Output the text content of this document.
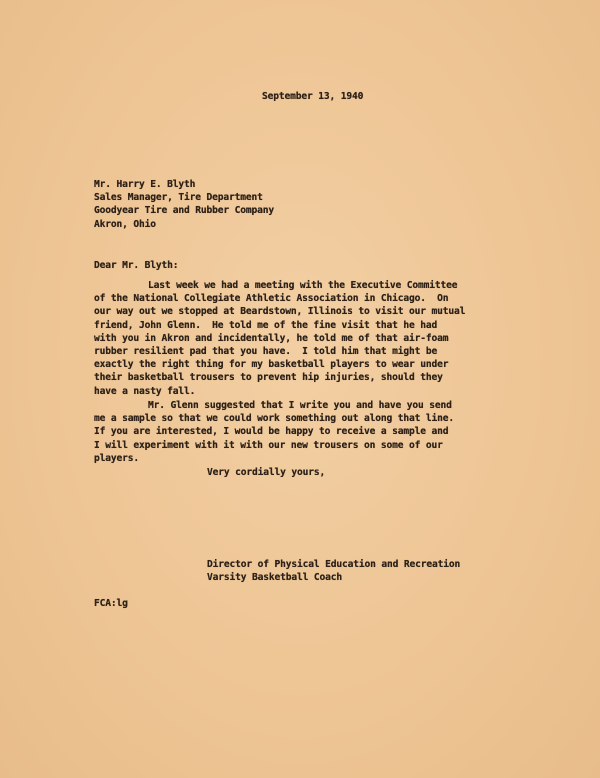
September 13, 1940

Mr. Harry E. Blyth

Sales Manager, Tire Department

Goodyear Tire and Rubber Company

Akron, Ohio

Dear Mr. Blyth:

Last week we had a meeting with the Executive Committee

of the National Collegiate Athletic Association in Chicago.  On

our way out we stopped at Beardstown, Illinois to visit our mutual

friend, John Glenn.  He told me of the fine visit that he had

with you in Akron and incidentally, he told me of that air-foam

rubber resilient pad that you have.  I told him that might be

exactly the right thing for my basketball players to wear under

their basketball trousers to prevent hip injuries, should they

have a nasty fall.

Mr. Glenn suggested that I write you and have you send

me a sample so that we could work something out along that line.

If you are interested, I would be happy to receive a sample and

I will experiment with it with our new trousers on some of our

players.

Very cordially yours,

Director of Physical Education and Recreation

Varsity Basketball Coach

FCA:lg
